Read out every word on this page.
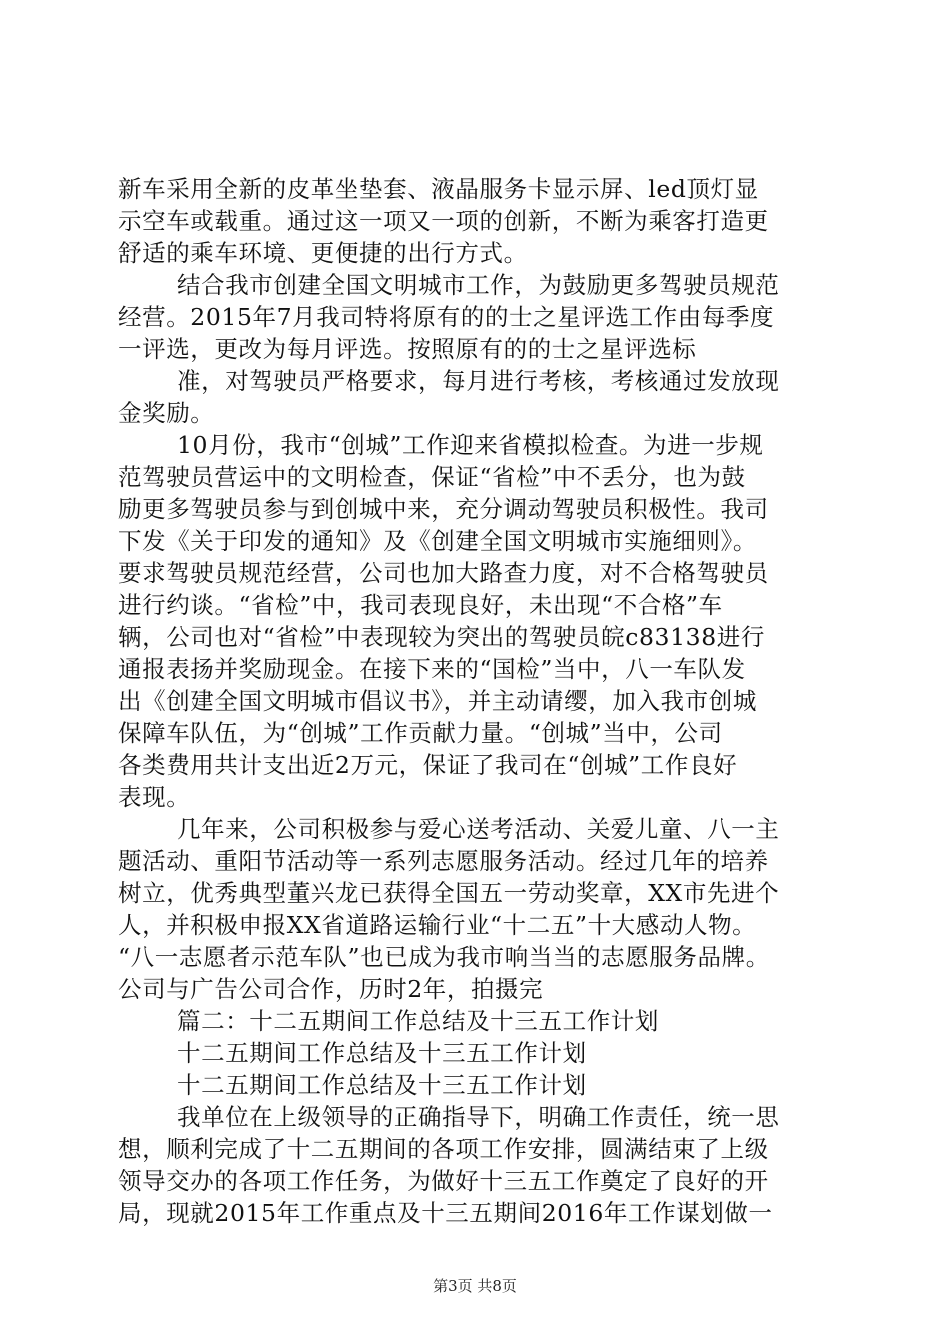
新车采用全新的皮革坐垫套、液晶服务卡显示屏、led顶灯显
示空车或载重。通过这一项又一项的创新，不断为乘客打造更
舒适的乘车环境、更便捷的出行方式。
结合我市创建全国文明城市工作，为鼓励更多驾驶员规范
经营。2015年7月我司特将原有的的士之星评选工作由每季度
一评选，更改为每月评选。按照原有的的士之星评选标
准，对驾驶员严格要求，每月进行考核，考核通过发放现
金奖励。
10月份，我市“创城”工作迎来省模拟检查。为进一步规
范驾驶员营运中的文明检查，保证“省检”中不丢分，也为鼓
励更多驾驶员参与到创城中来，充分调动驾驶员积极性。我司
下发《关于印发的通知》及《创建全国文明城市实施细则》。
要求驾驶员规范经营，公司也加大路查力度，对不合格驾驶员
进行约谈。“省检”中，我司表现良好，未出现“不合格”车
辆，公司也对“省检”中表现较为突出的驾驶员皖c83138进行
通报表扬并奖励现金。在接下来的“国检”当中，八一车队发
出《创建全国文明城市倡议书》，并主动请缨，加入我市创城
保障车队伍，为“创城”工作贡献力量。“创城”当中，公司
各类费用共计支出近2万元，保证了我司在“创城”工作良好
表现。
几年来，公司积极参与爱心送考活动、关爱儿童、八一主
题活动、重阳节活动等一系列志愿服务活动。经过几年的培养
树立，优秀典型董兴龙已获得全国五一劳动奖章，XX市先进个
人，并积极申报XX省道路运输行业“十二五”十大感动人物。
“八一志愿者示范车队”也已成为我市响当当的志愿服务品牌。
公司与广告公司合作，历时2年，拍摄完
篇二：十二五期间工作总结及十三五工作计划
十二五期间工作总结及十三五工作计划
十二五期间工作总结及十三五工作计划
我单位在上级领导的正确指导下，明确工作责任，统一思
想，顺利完成了十二五期间的各项工作安排，圆满结束了上级
领导交办的各项工作任务，为做好十三五工作奠定了良好的开
局，现就2015年工作重点及十三五期间2016年工作谋划做一
第3页 共8页
